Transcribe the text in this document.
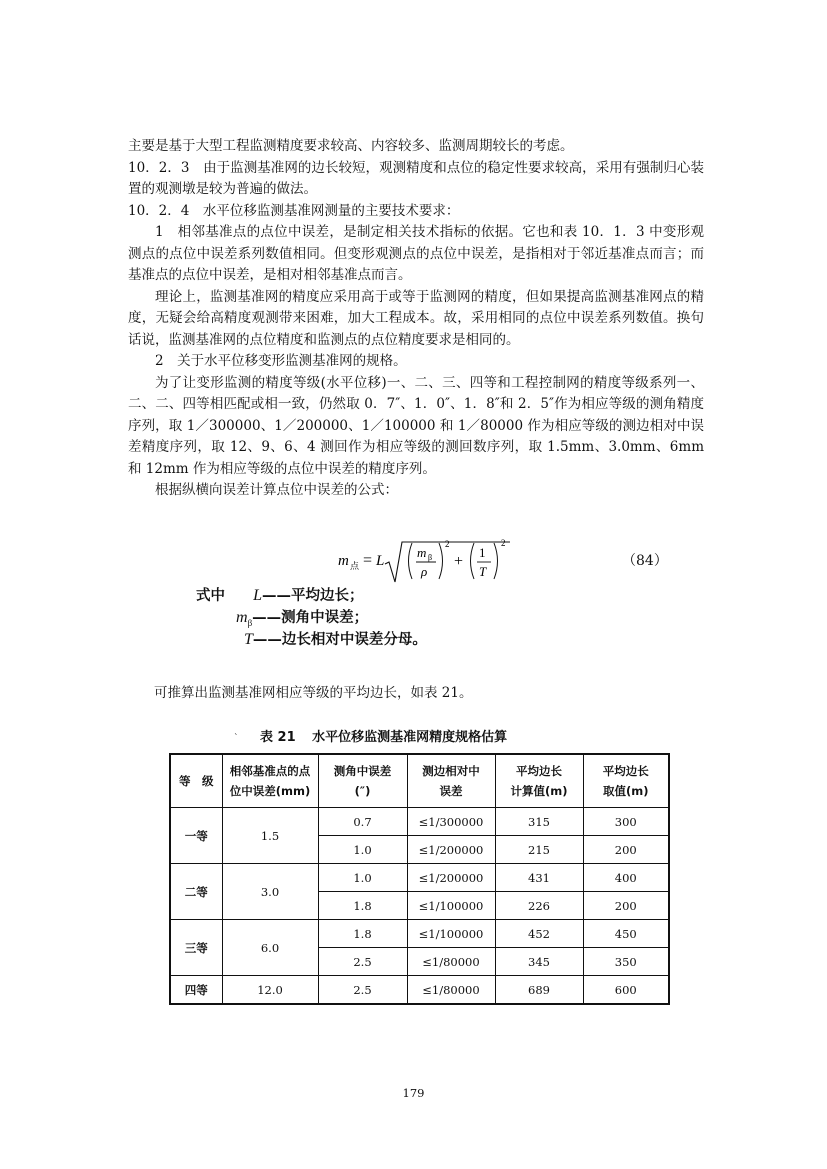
主要是基于大型工程监测精度要求较高、内容较多、监测周期较长的考虑。

10．2．3　由于监测基准网的边长较短，观测精度和点位的稳定性要求较高，采用有强制归心装置的观测墩是较为普遍的做法。

10．2．4　水平位移监测基准网测量的主要技术要求：

1　相邻基准点的点位中误差，是制定相关技术指标的依据。它也和表 10．1．3 中变形观测点的点位中误差系列数值相同。但变形观测点的点位中误差，是指相对于邻近基准点而言；而基准点的点位中误差，是相对相邻基准点而言。

理论上，监测基准网的精度应采用高于或等于监测网的精度，但如果提高监测基准网点的精度，无疑会给高精度观测带来困难，加大工程成本。故，采用相同的点位中误差系列数值。换句话说，监测基准网的点位精度和监测点的点位精度要求是相同的。

2　关于水平位移变形监测基准网的规格。

为了让变形监测的精度等级(水平位移)一、二、三、四等和工程控制网的精度等级系列一、二、二、四等相匹配或相一致，仍然取 0．7″、1．0″、1．8″和 2．5″作为相应等级的测角精度序列，取 1／300000、1／200000、1／100000 和 1／80000 作为相应等级的测边相对中误差精度序列，取 12、9、6、4 测回作为相应等级的测回数序列，取 1.5mm、3.0mm、6mm 和 12mm 作为相应等级的点位中误差的精度序列。

根据纵横向误差计算点位中误差的公式：

m 点 = L
m β
ρ
2
+
1
T
2
（84）
式中 L——平均边长；
$m_\beta——$测角中误差；
T——边长相对中误差分母。
可推算出监测基准网相应等级的平均边长，如表 21。
` 表 21 水平位移监测基准网精度规格估算
等　级	相邻基准点的点
位中误差(mm)	测角中误差
(″)	测边相对中
误差	平均边长
计算值(m)	平均边长
取值(m)
一等	1.5	0.7	≤1/300000	315	300
		1.0	≤1/200000	215	200
二等	3.0	1.0	≤1/200000	431	400
		1.8	≤1/100000	226	200
三等	6.0	1.8	≤1/100000	452	450
		2.5	≤1/80000	345	350
四等	12.0	2.5	≤1/80000	689	600
179
